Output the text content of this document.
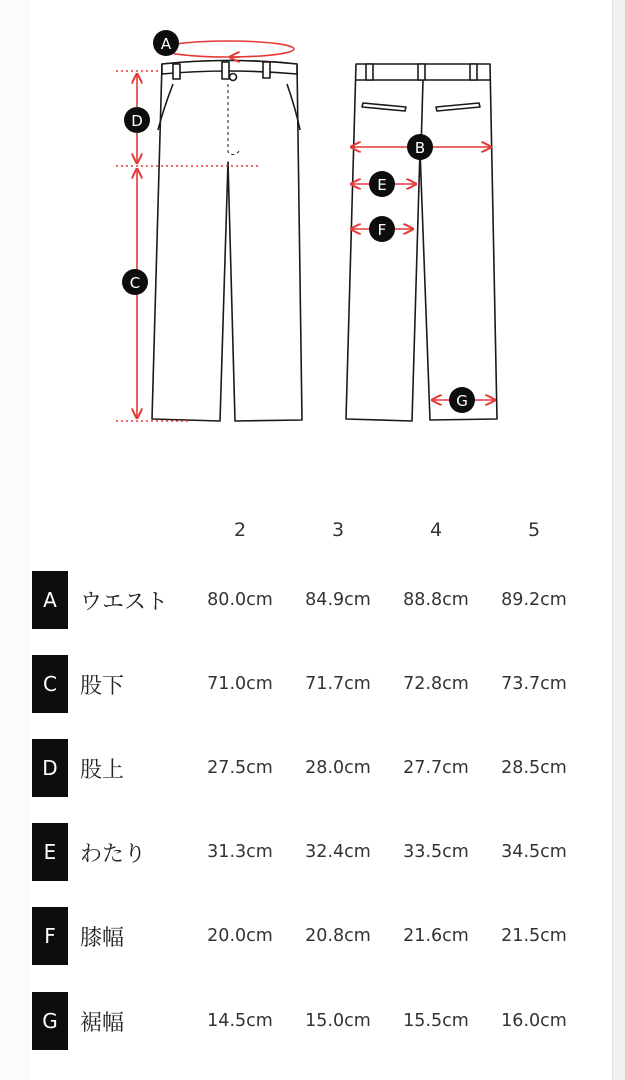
A
D
C
B
E
F
G
2	3	4	5
A	ウエスト	80.0cm	84.9cm	88.8cm	89.2cm
C	股下	71.0cm	71.7cm	72.8cm	73.7cm
D	股上	27.5cm	28.0cm	27.7cm	28.5cm
E	わたり	31.3cm	32.4cm	33.5cm	34.5cm
F	膝幅	20.0cm	20.8cm	21.6cm	21.5cm
G	裾幅	14.5cm	15.0cm	15.5cm	16.0cm
